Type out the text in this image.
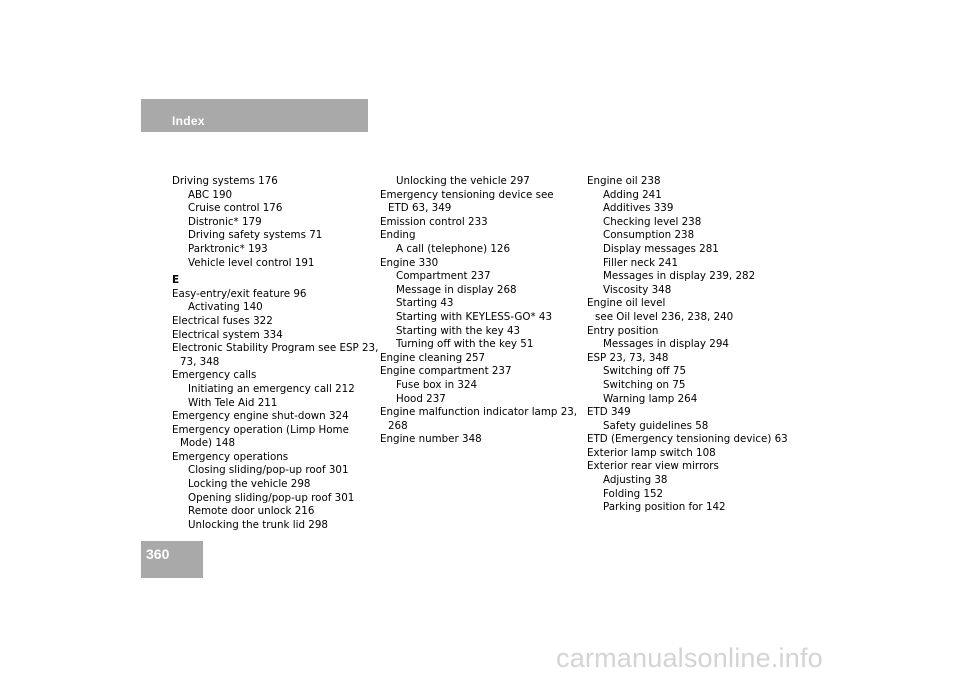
Index
Driving systems 176
ABC 190
Cruise control 176
Distronic* 179
Driving safety systems 71
Parktronic* 193
Vehicle level control 191
E
Easy-entry/exit feature 96
Activating 140
Electrical fuses 322
Electrical system 334
Electronic Stability Program see ESP 23,
73, 348
Emergency calls
Initiating an emergency call 212
With Tele Aid 211
Emergency engine shut-down 324
Emergency operation (Limp Home
Mode) 148
Emergency operations
Closing sliding/pop-up roof 301
Locking the vehicle 298
Opening sliding/pop-up roof 301
Remote door unlock 216
Unlocking the trunk lid 298
Unlocking the vehicle 297
Emergency tensioning device see
ETD 63, 349
Emission control 233
Ending
A call (telephone) 126
Engine 330
Compartment 237
Message in display 268
Starting 43
Starting with KEYLESS-GO* 43
Starting with the key 43
Turning off with the key 51
Engine cleaning 257
Engine compartment 237
Fuse box in 324
Hood 237
Engine malfunction indicator lamp 23,
268
Engine number 348
Engine oil 238
Adding 241
Additives 339
Checking level 238
Consumption 238
Display messages 281
Filler neck 241
Messages in display 239, 282
Viscosity 348
Engine oil level
see Oil level 236, 238, 240
Entry position
Messages in display 294
ESP 23, 73, 348
Switching off 75
Switching on 75
Warning lamp 264
ETD 349
Safety guidelines 58
ETD (Emergency tensioning device) 63
Exterior lamp switch 108
Exterior rear view mirrors
Adjusting 38
Folding 152
Parking position for 142
360
carmanualsonline.info
